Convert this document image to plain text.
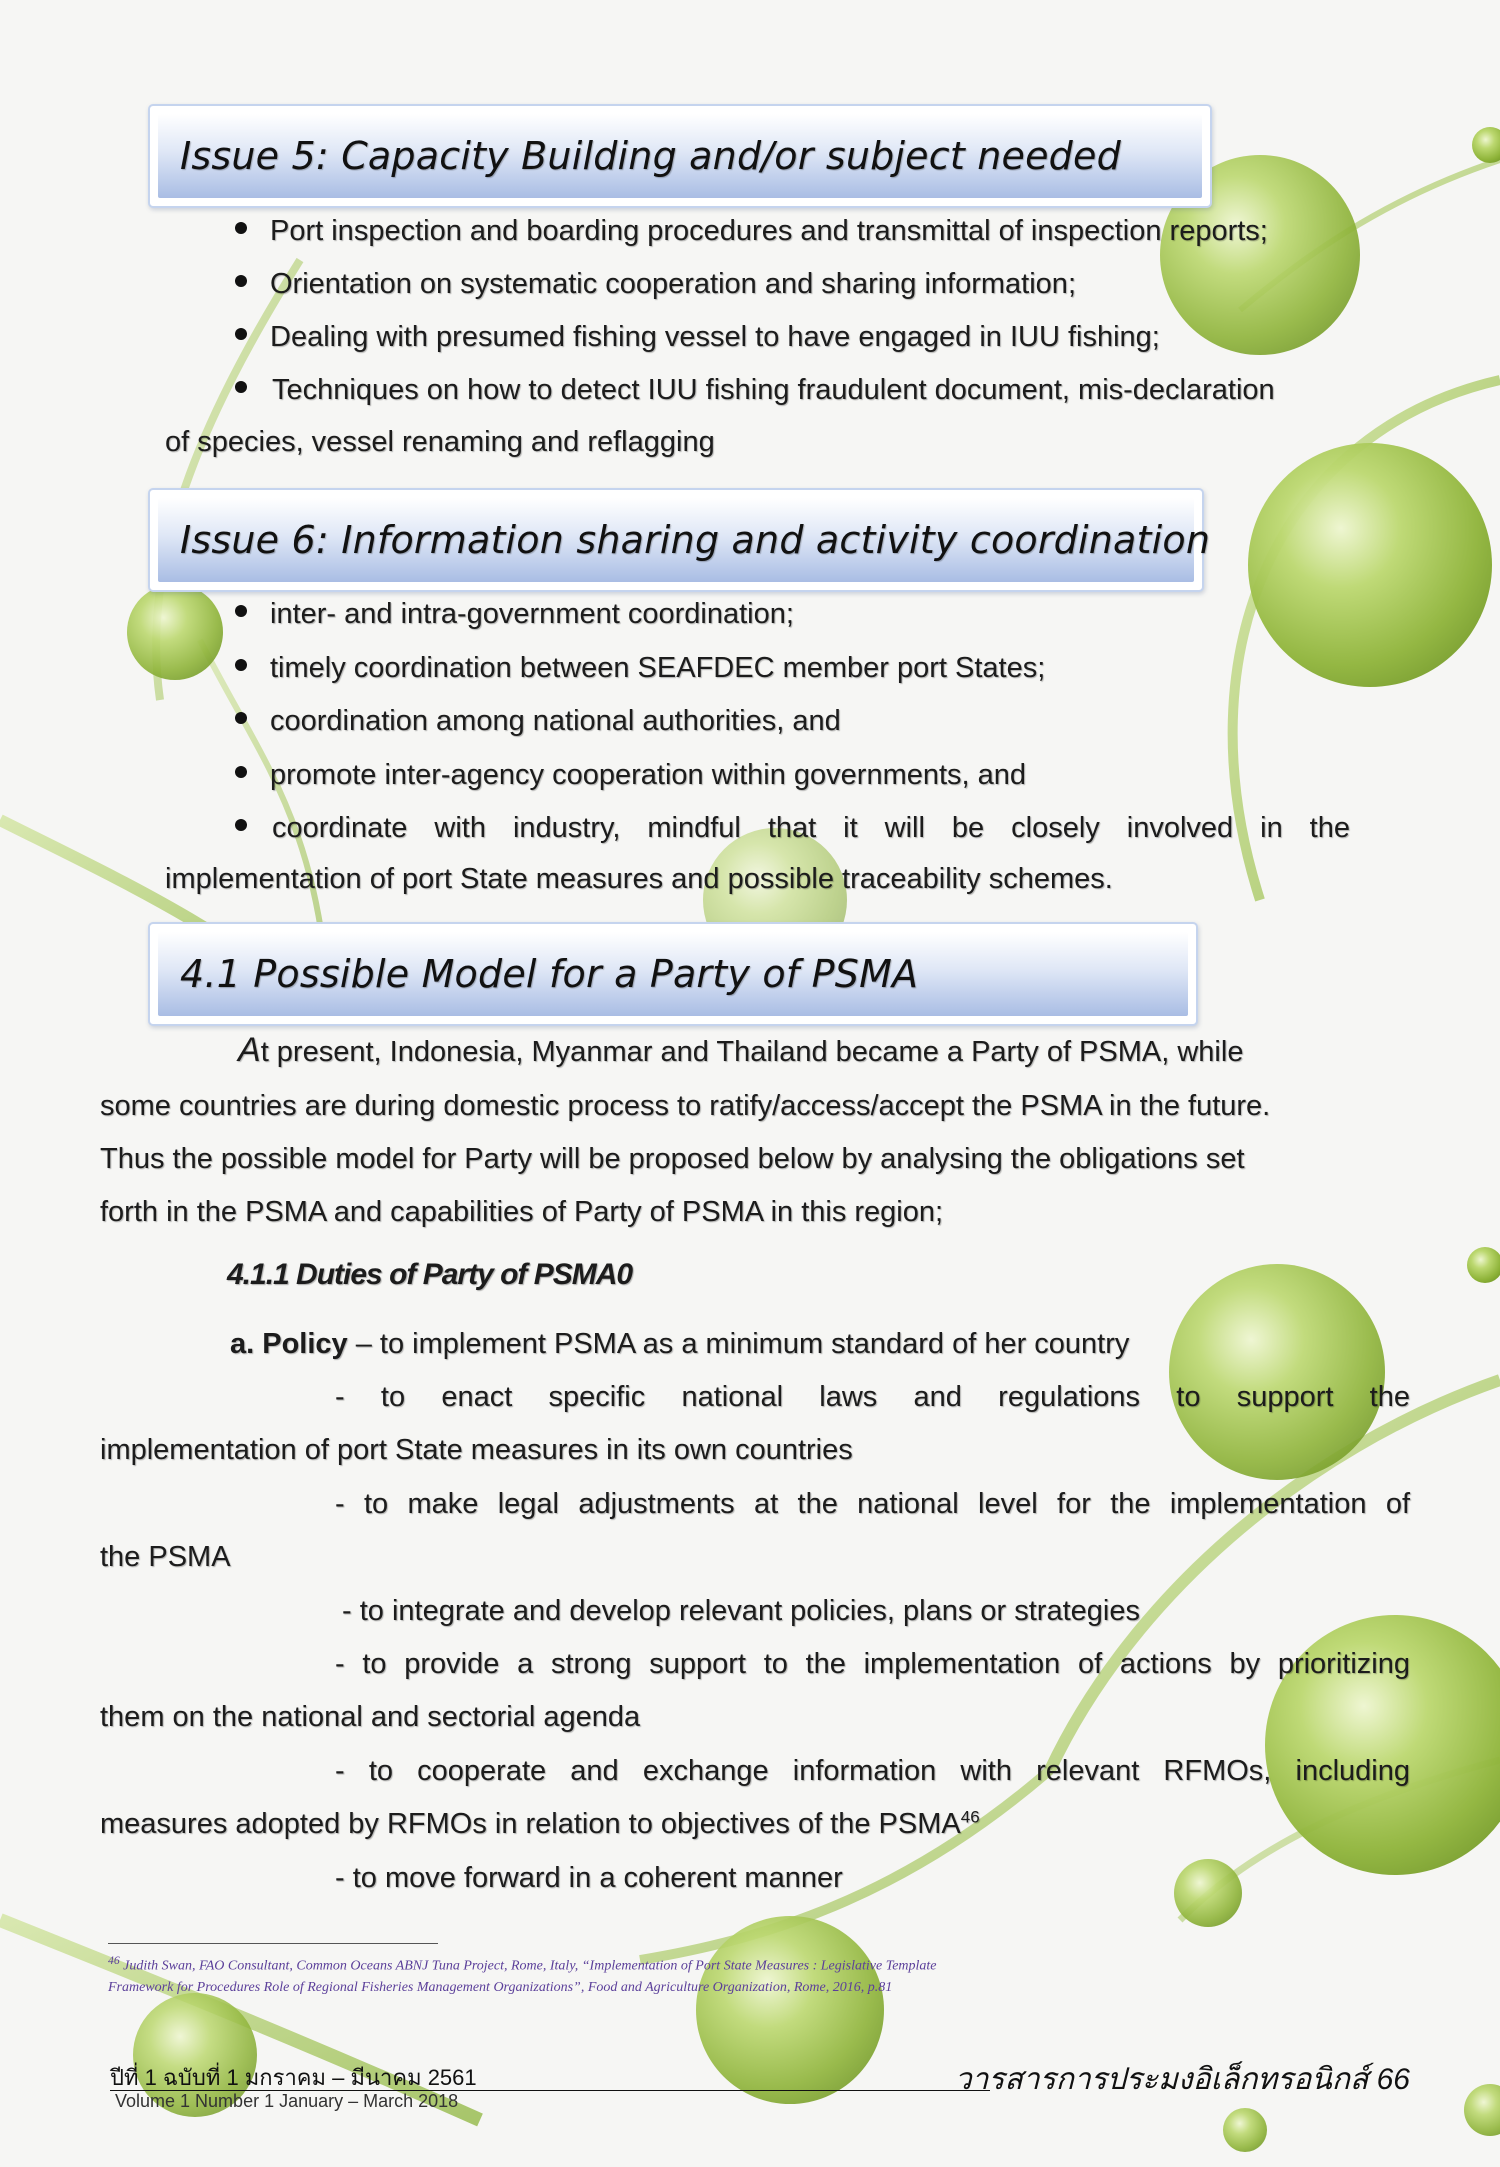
Issue 5: Capacity Building and/or subject needed
Port inspection and boarding procedures and transmittal of inspection reports;
Orientation on systematic cooperation and sharing information;
Dealing with presumed fishing vessel to have engaged in IUU fishing;
Techniques on how to detect IUU fishing fraudulent document, mis-declaration
of species, vessel renaming and reflagging
Issue 6: Information sharing and activity coordination
inter- and intra-government coordination;
timely coordination between SEAFDEC member port States;
coordination among national authorities, and
promote inter-agency cooperation within governments, and
coordinate with industry, mindful that it will be closely involved in the
implementation of port State measures and possible traceability schemes.
4.1 Possible Model for a Party of PSMA
At present, Indonesia, Myanmar and Thailand became a Party of PSMA, while
some countries are during domestic process to ratify/access/accept the PSMA in the future.
Thus the possible model for Party will be proposed below by analysing the obligations set
forth in the PSMA and capabilities of Party of PSMA in this region;
4.1.1 Duties of Party of PSMA0
a. Policy – to implement PSMA as a minimum standard of her country
- to enact specific national laws and regulations to support the
implementation of port State measures in its own countries
- to make legal adjustments at the national level for the implementation of
the PSMA
- to integrate and develop relevant policies, plans or strategies
- to provide a strong support to the implementation of actions by prioritizing
them on the national and sectorial agenda
- to cooperate and exchange information with relevant RFMOs, including
measures adopted by RFMOs in relation to objectives of the PSMA$^{46}$
- to move forward in a coherent manner
$^{46}$ Judith Swan, FAO Consultant, Common Oceans ABNJ Tuna Project, Rome, Italy, “Implementation of Port State Measures : Legislative Template Framework for Procedures Role of Regional Fisheries Management Organizations”, Food and Agriculture Organization, Rome, 2016, p.81
ปีที่ 1 ฉบับที่ 1 มกราคม – มีนาคม 2561
Volume 1 Number 1 January – March 2018
วารสารการประมงอิเล็กทรอนิกส์ 66
